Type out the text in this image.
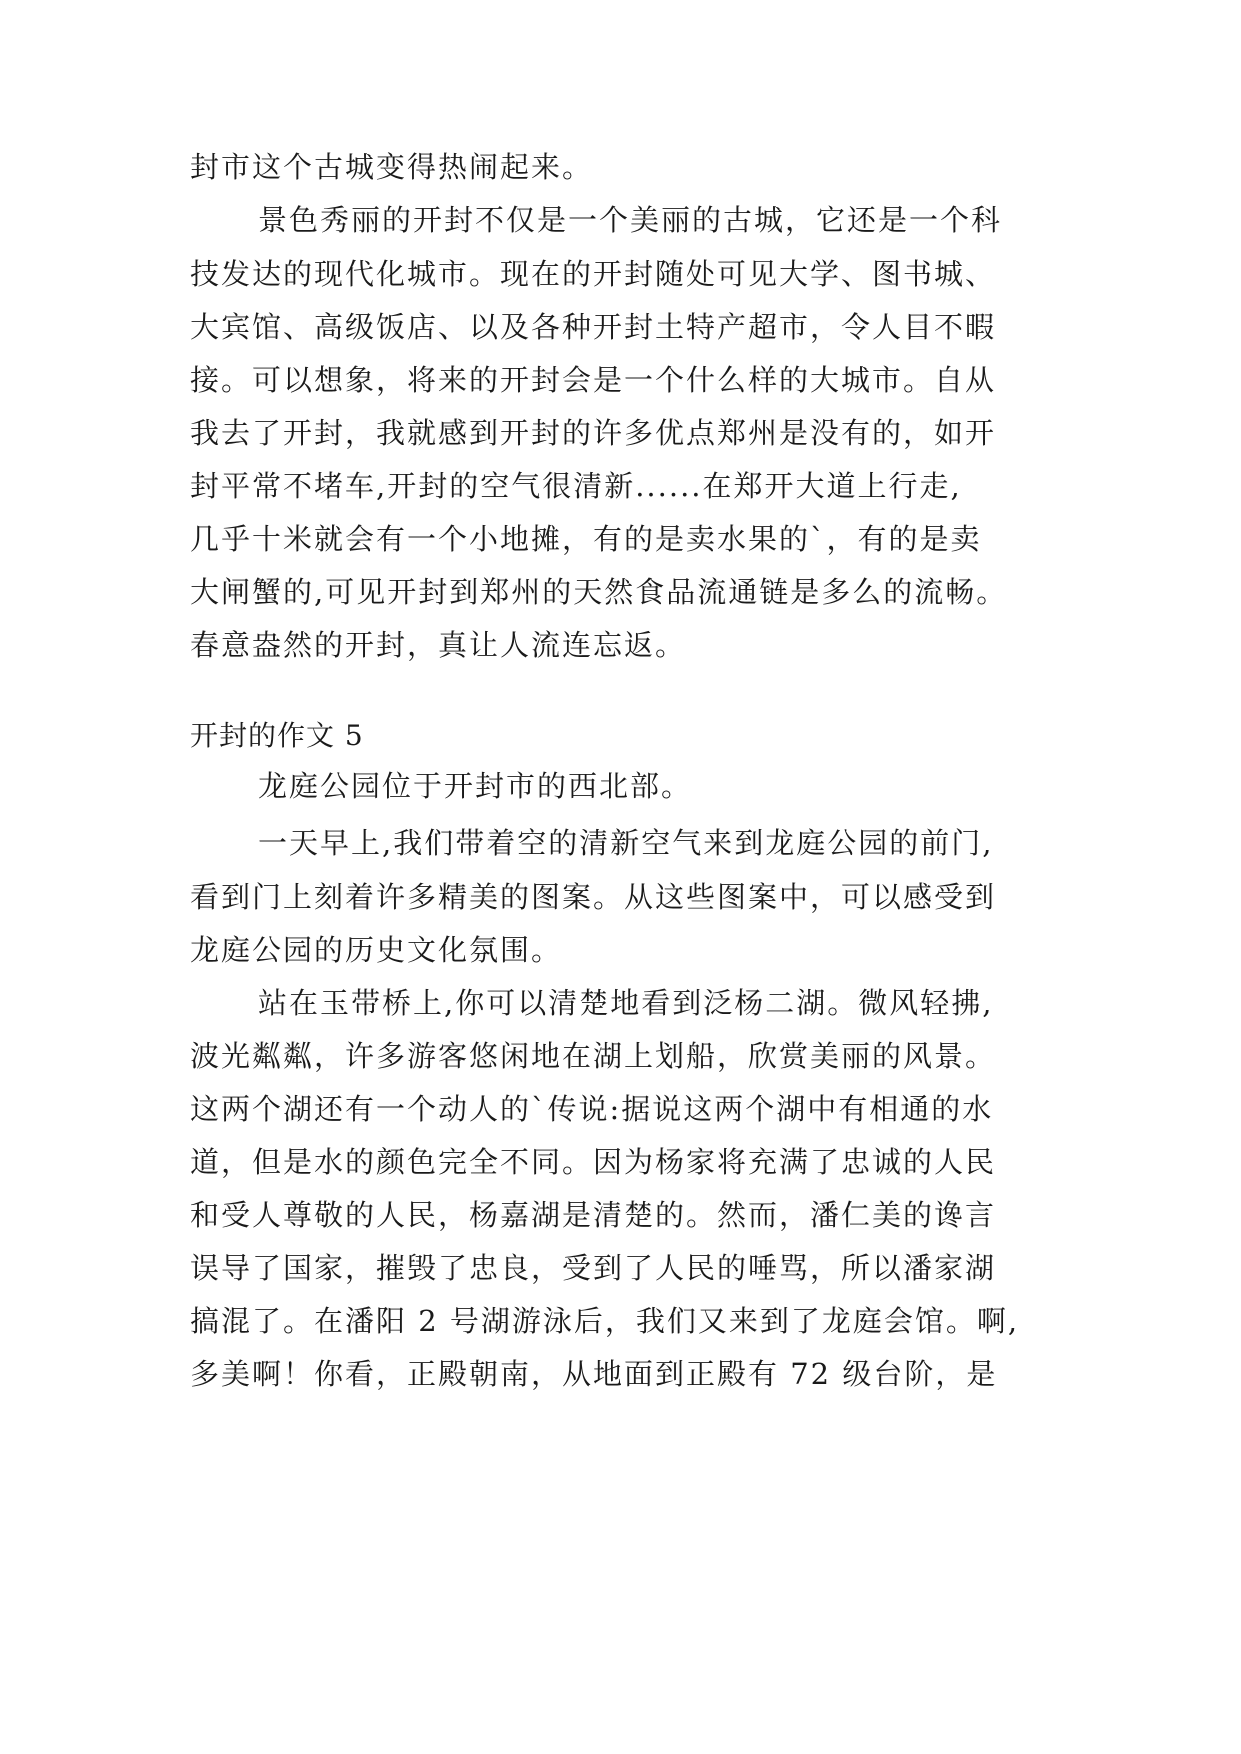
封市这个古城变得热闹起来。
景色秀丽的开封不仅是一个美丽的古城，它还是一个科
技发达的现代化城市。现在的开封随处可见大学、图书城、
大宾馆、高级饭店、以及各种开封土特产超市，令人目不暇
接。可以想象，将来的开封会是一个什么样的大城市。自从
我去了开封，我就感到开封的许多优点郑州是没有的，如开
封平常不堵车,开封的空气很清新......在郑开大道上行走,
几乎十米就会有一个小地摊，有的是卖水果的`，有的是卖
大闸蟹的,可见开封到郑州的天然食品流通链是多么的流畅。
春意盎然的开封，真让人流连忘返。
开封的作文 5
龙庭公园位于开封市的西北部。
一天早上,我们带着空的清新空气来到龙庭公园的前门,
看到门上刻着许多精美的图案。从这些图案中，可以感受到
龙庭公园的历史文化氛围。
站在玉带桥上,你可以清楚地看到泛杨二湖。微风轻拂,
波光粼粼，许多游客悠闲地在湖上划船，欣赏美丽的风景。
这两个湖还有一个动人的`传说:据说这两个湖中有相通的水
道，但是水的颜色完全不同。因为杨家将充满了忠诚的人民
和受人尊敬的人民，杨嘉湖是清楚的。然而，潘仁美的谗言
误导了国家，摧毁了忠良，受到了人民的唾骂，所以潘家湖
搞混了。在潘阳 2 号湖游泳后，我们又来到了龙庭会馆。啊,
多美啊！你看，正殿朝南，从地面到正殿有 72 级台阶，是
